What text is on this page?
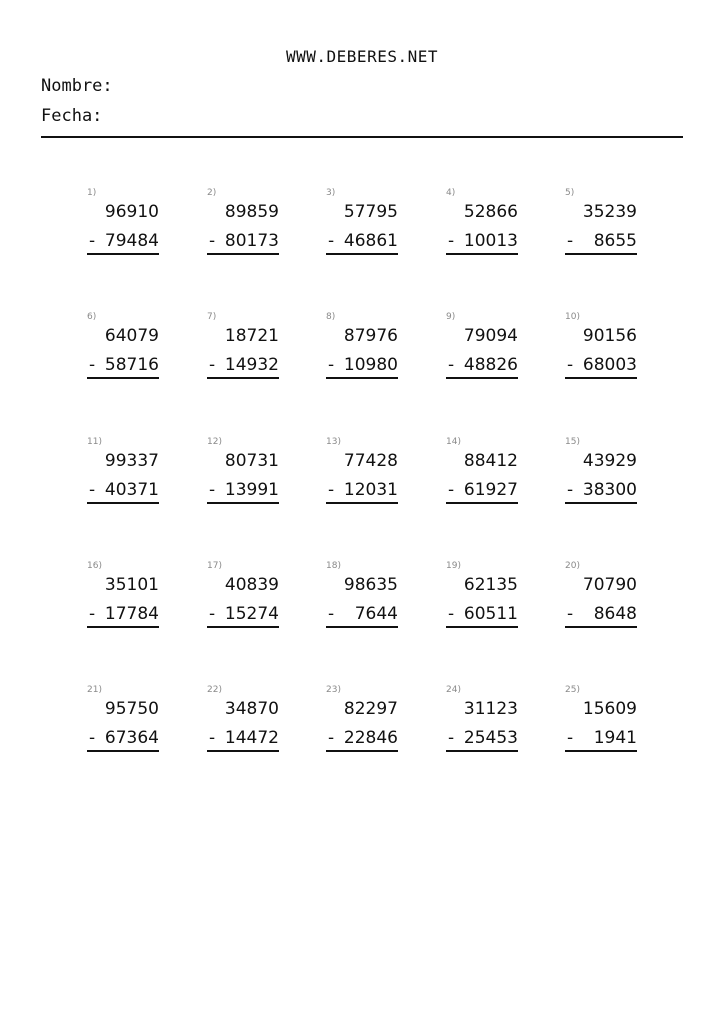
WWW.DEBERES.NET
Nombre:
Fecha:
1)
96910
- 79484
2)
89859
- 80173
3)
57795
- 46861
4)
52866
- 10013
5)
35239
- 8655
6)
64079
- 58716
7)
18721
- 14932
8)
87976
- 10980
9)
79094
- 48826
10)
90156
- 68003
11)
99337
- 40371
12)
80731
- 13991
13)
77428
- 12031
14)
88412
- 61927
15)
43929
- 38300
16)
35101
- 17784
17)
40839
- 15274
18)
98635
- 7644
19)
62135
- 60511
20)
70790
- 8648
21)
95750
- 67364
22)
34870
- 14472
23)
82297
- 22846
24)
31123
- 25453
25)
15609
- 1941
